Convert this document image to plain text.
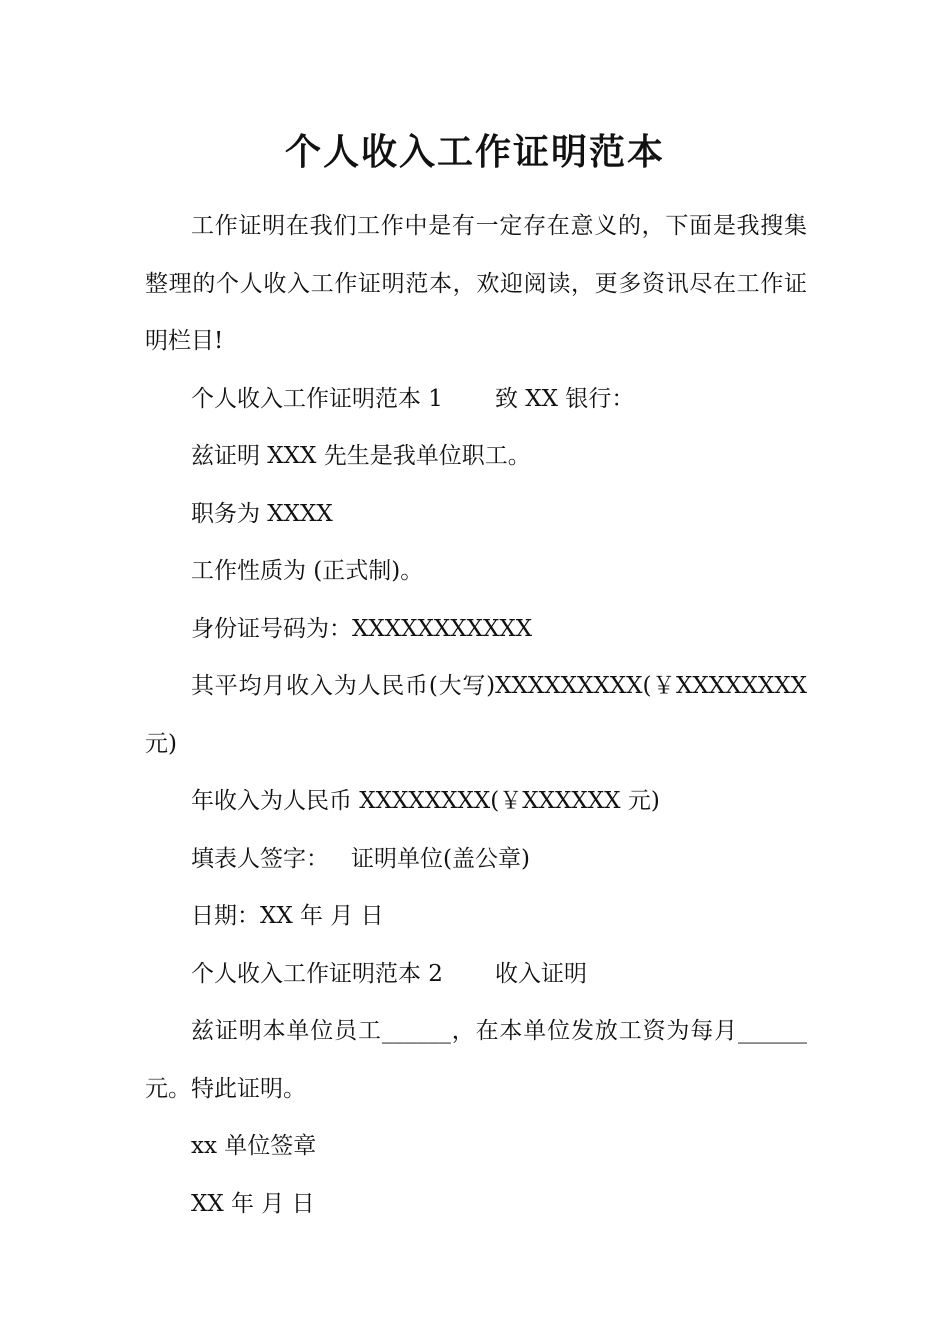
个人收入工作证明范本

工作证明在我们工作中是有一定存在意义的，下面是我搜集整理的个人收入工作证明范本，欢迎阅读，更多资讯尽在工作证明栏目!

个人收入工作证明范本 1 致 XX 银行：

兹证明 XXX 先生是我单位职工。

职务为 XXXX

工作性质为 (正式制)。

身份证号码为：XXXXXXXXXXX

其平均月收入为人民币(大写)XXXXXXXXX(￥XXXXXXXX元)

年收入为人民币 XXXXXXXX(￥XXXXXX 元)

填表人签字： 证明单位(盖公章)

日期：XX 年 月 日

个人收入工作证明范本 2 收入证明

兹证明本单位员工______，在本单位发放工资为每月______元。特此证明。

xx 单位签章

XX 年 月 日
